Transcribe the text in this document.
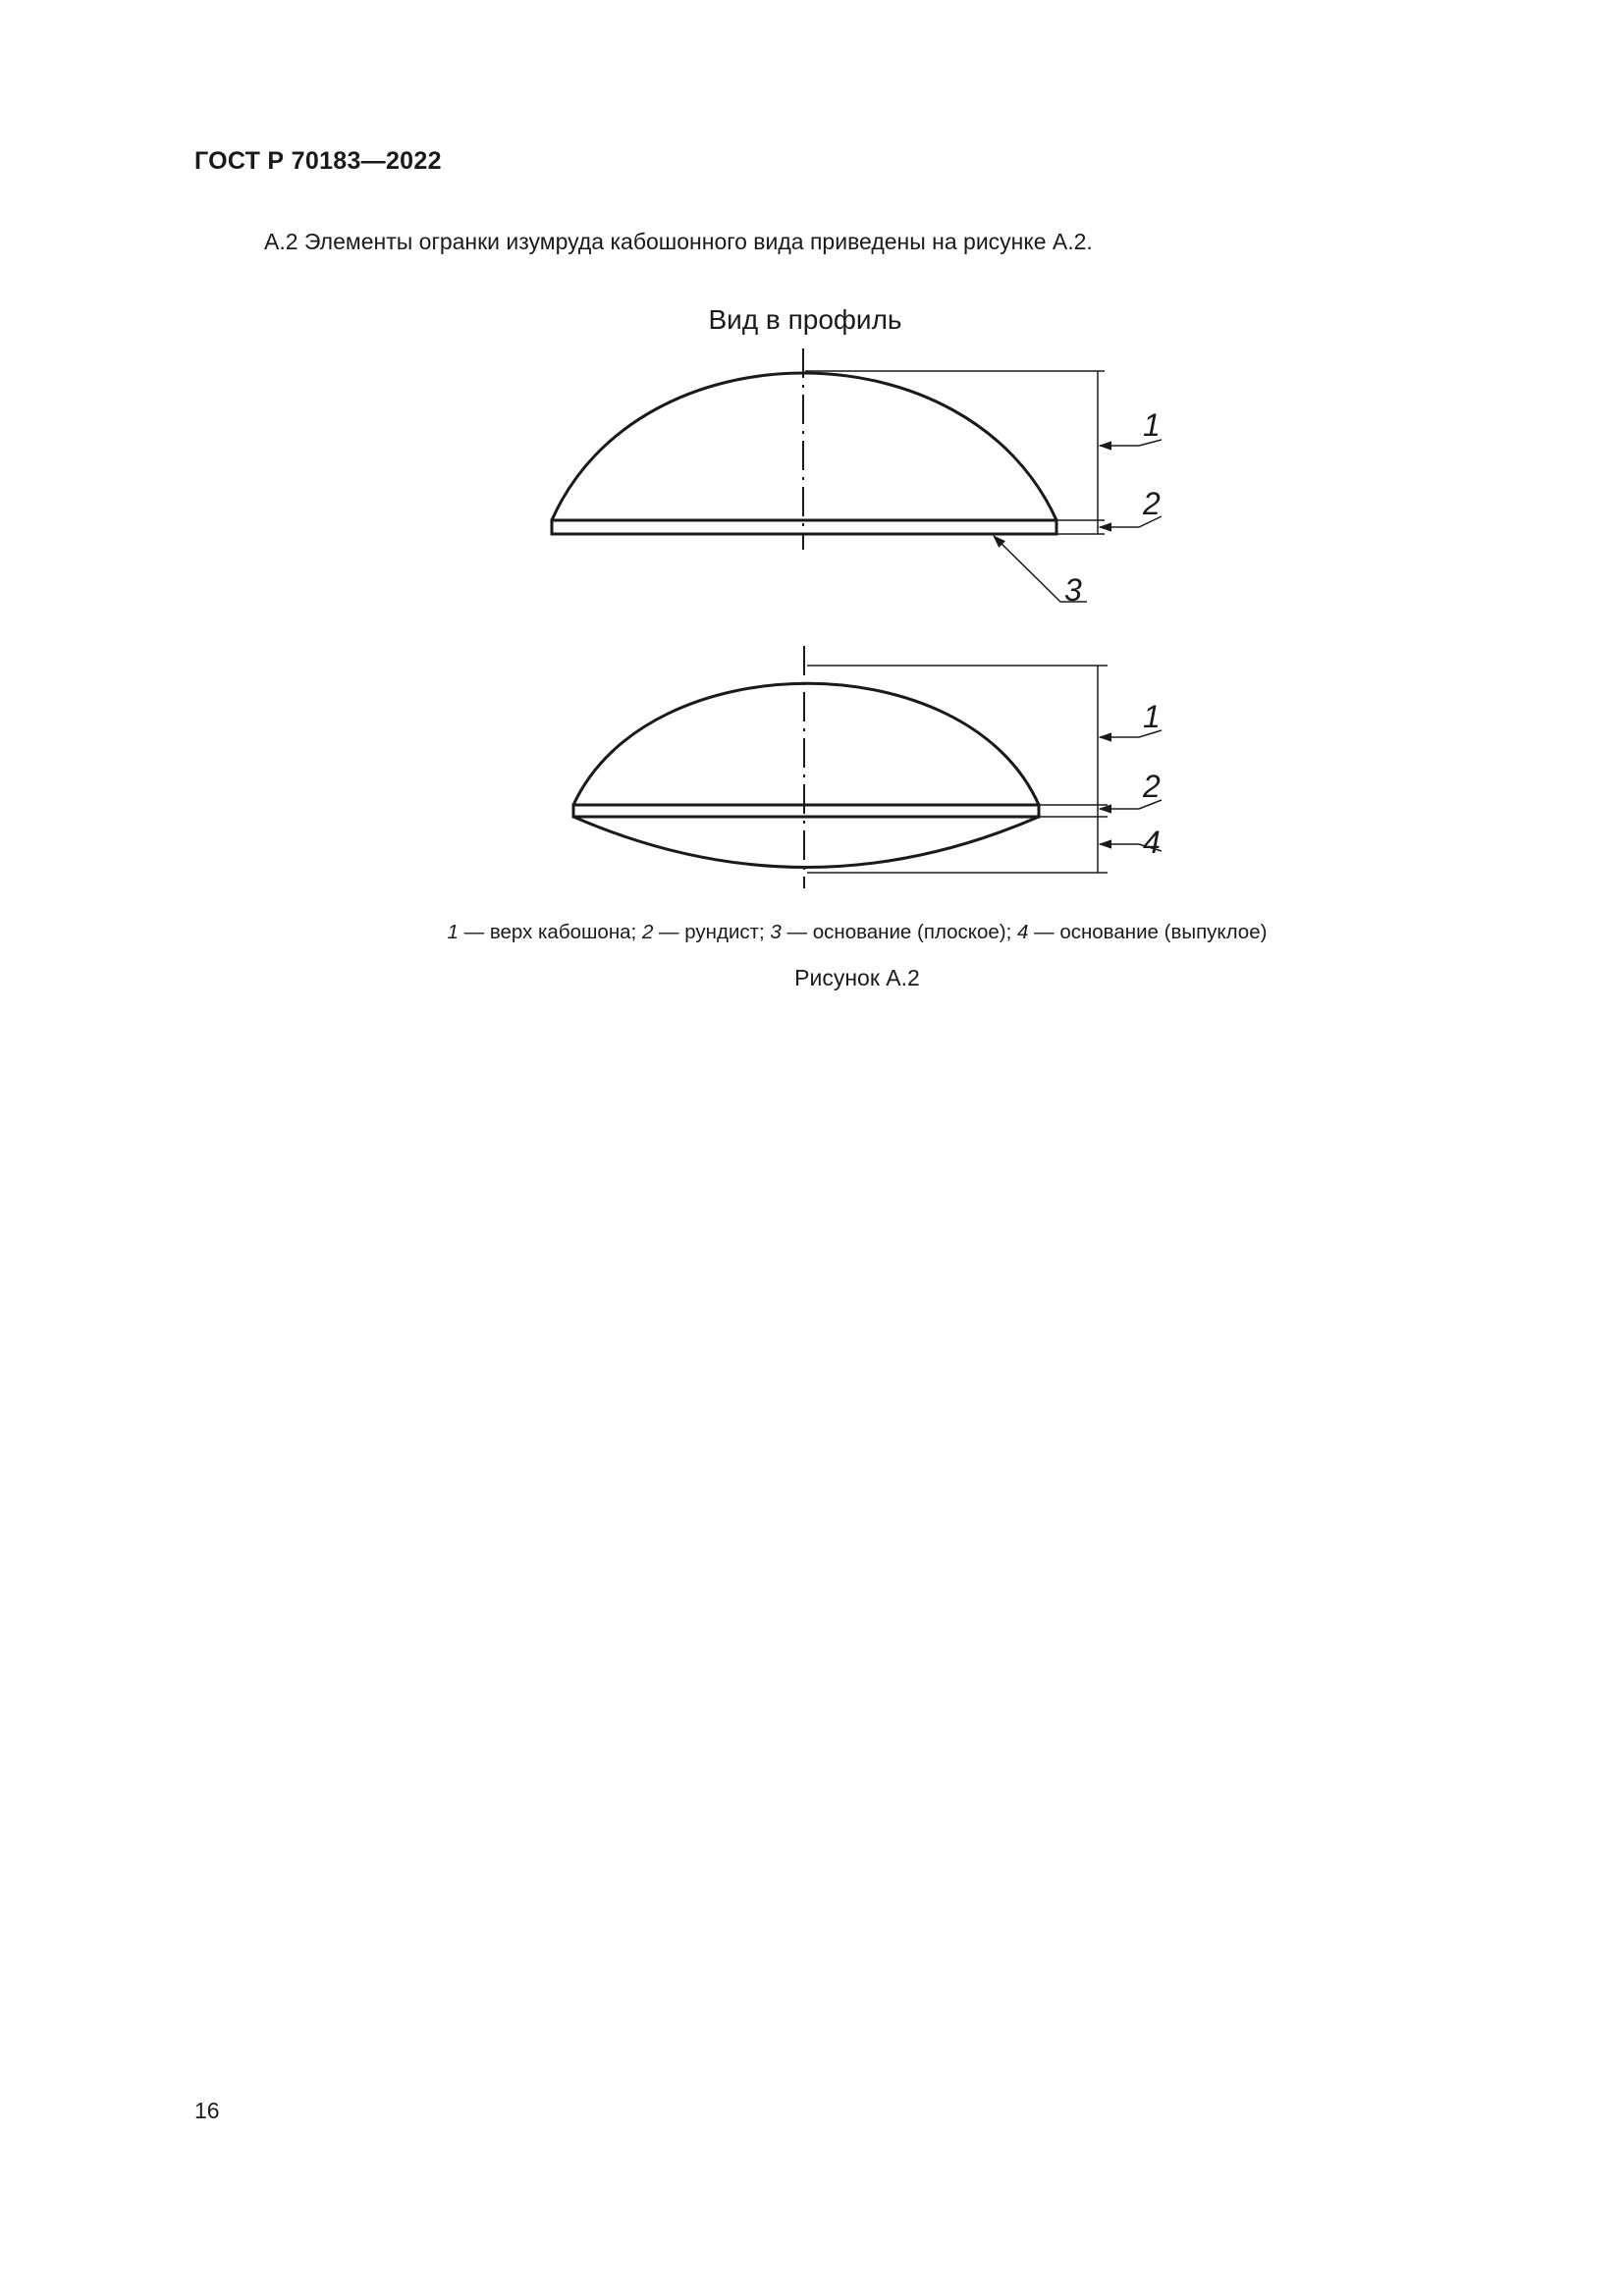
ГОСТ Р 70183—2022
А.2 Элементы огранки изумруда кабошонного вида приведены на рисунке А.2.
Вид в профиль
1
2
3
1
2
4
1 — верх кабошона; 2 — рундист; 3 — основание (плоское); 4 — основание (выпуклое)
Рисунок А.2
16
